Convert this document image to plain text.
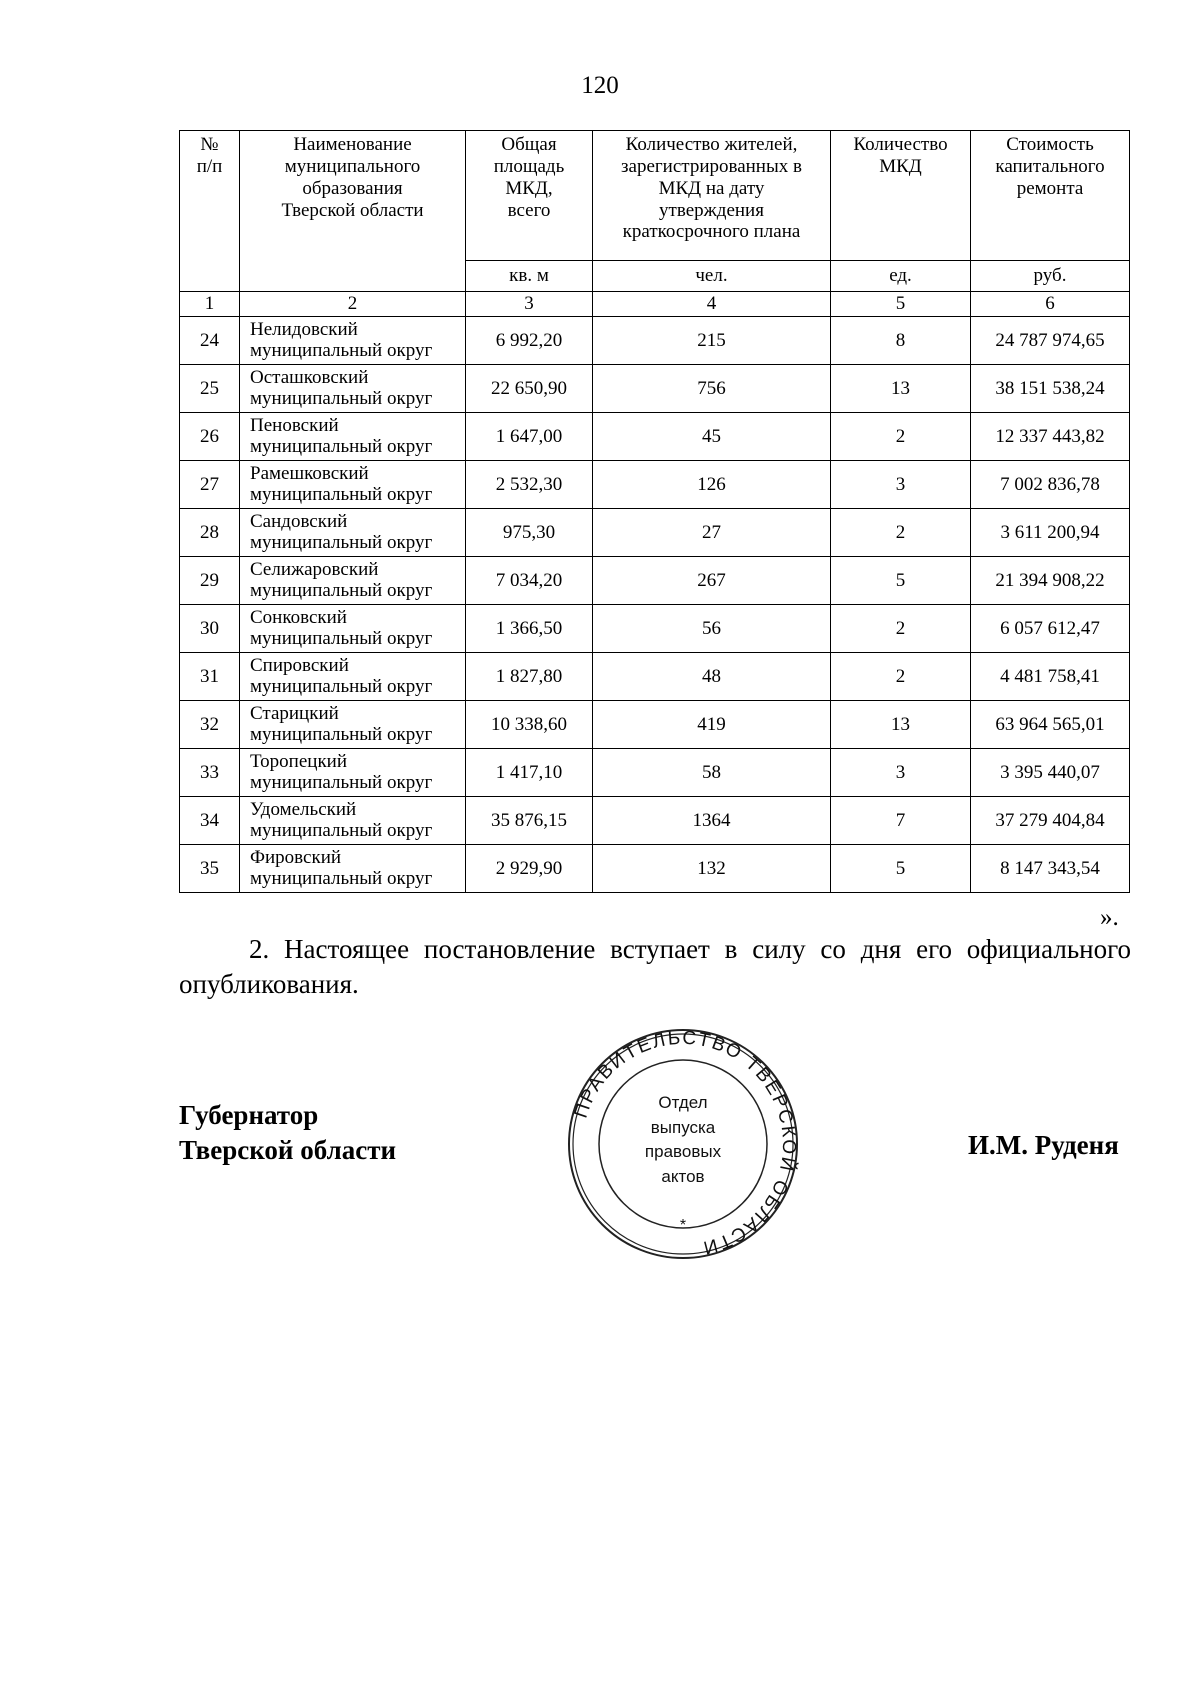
120
№
п/п	Наименование
муниципального
образования
Тверской области	Общая
площадь
МКД,
всего	Количество жителей,
зарегистрированных в
МКД на дату
утверждения
краткосрочного плана	Количество
МКД	Стоимость
капитального
ремонта

		кв. м	чел.	ед.	руб.
1	2	3	4	5	6
24	Нелидовский
муниципальный округ	6 992,20	215	8	24 787 974,65
25	Осташковский
муниципальный округ	22 650,90	756	13	38 151 538,24
26	Пеновский
муниципальный округ	1 647,00	45	2	12 337 443,82
27	Рамешковский
муниципальный округ	2 532,30	126	3	7 002 836,78
28	Сандовский
муниципальный округ	975,30	27	2	3 611 200,94
29	Селижаровский
муниципальный округ	7 034,20	267	5	21 394 908,22
30	Сонковский
муниципальный округ	1 366,50	56	2	6 057 612,47
31	Спировский
муниципальный округ	1 827,80	48	2	4 481 758,41
32	Старицкий
муниципальный округ	10 338,60	419	13	63 964 565,01
33	Торопецкий
муниципальный округ	1 417,10	58	3	3 395 440,07
34	Удомельский
муниципальный округ	35 876,15	1364	7	37 279 404,84
35	Фировский
муниципальный округ	2 929,90	132	5	8 147 343,54
».

2. Настоящее постановление вступает в силу со дня его официального опубликования.

Губернатор
Тверской области	И.М. Руденя
ПРАВИТЕЛЬСТВО ТВЕРСКОЙ ОБЛАСТИ
*
Отдел
выпуска
правовых
актов
